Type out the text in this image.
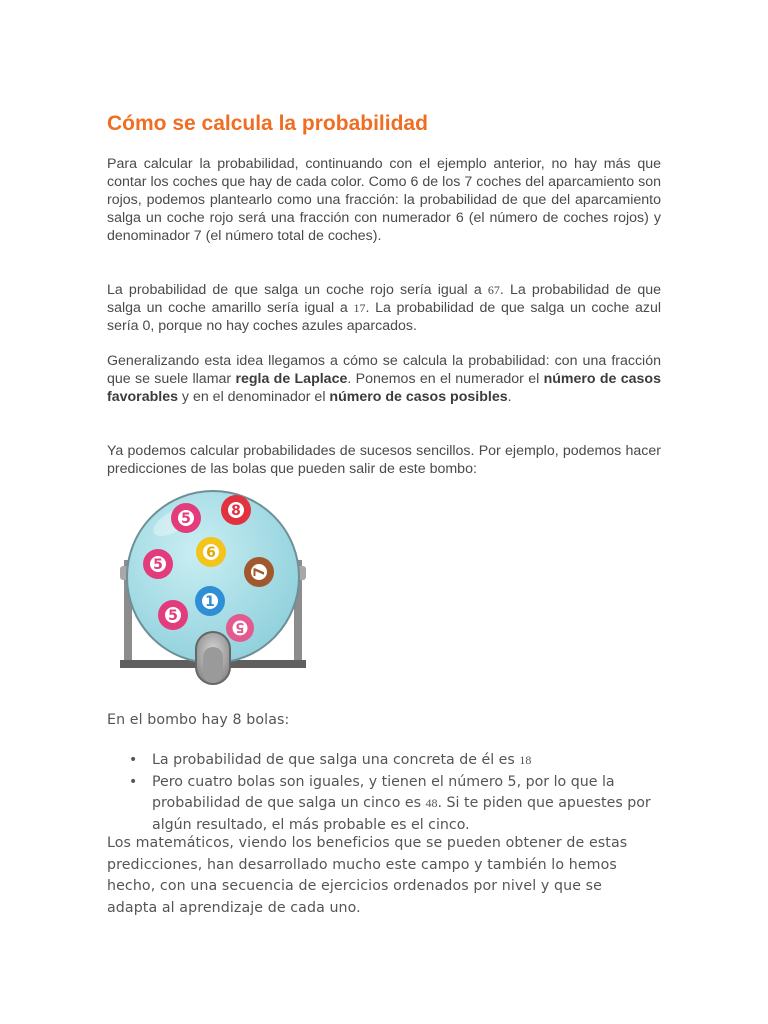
Cómo se calcula la probabilidad

Para calcular la probabilidad, continuando con el ejemplo anterior, no hay más que contar los coches que hay de cada color. Como 6 de los 7 coches del aparcamiento son rojos, podemos plantearlo como una fracción: la probabilidad de que del aparcamiento salga un coche rojo será una fracción con numerador 6 (el número de coches rojos) y denominador 7 (el número total de coches).

La probabilidad de que salga un coche rojo sería igual a 67. La probabilidad de que salga un coche amarillo sería igual a 17. La probabilidad de que salga un coche azul sería 0, porque no hay coches azules aparcados.

Generalizando esta idea llegamos a cómo se calcula la probabilidad: con una fracción que se suele llamar regla de Laplace. Ponemos en el numerador el número de casos favorables y en el denominador el número de casos posibles.

Ya podemos calcular probabilidades de sucesos sencillos. Por ejemplo, podemos hacer predicciones de las bolas que pueden salir de este bombo:

5	8
5
6
7
1
5
5
En el bombo hay 8 bolas:
• La probabilidad de que salga una concreta de él es 18
• Pero cuatro bolas son iguales, y tienen el número 5, por lo que la probabilidad de que salga un cinco es 48. Si te piden que apuestes por algún resultado, el más probable es el cinco.
Los matemáticos, viendo los beneficios que se pueden obtener de estas predicciones, han desarrollado mucho este campo y también lo hemos hecho, con una secuencia de ejercicios ordenados por nivel y que se adapta al aprendizaje de cada uno.
